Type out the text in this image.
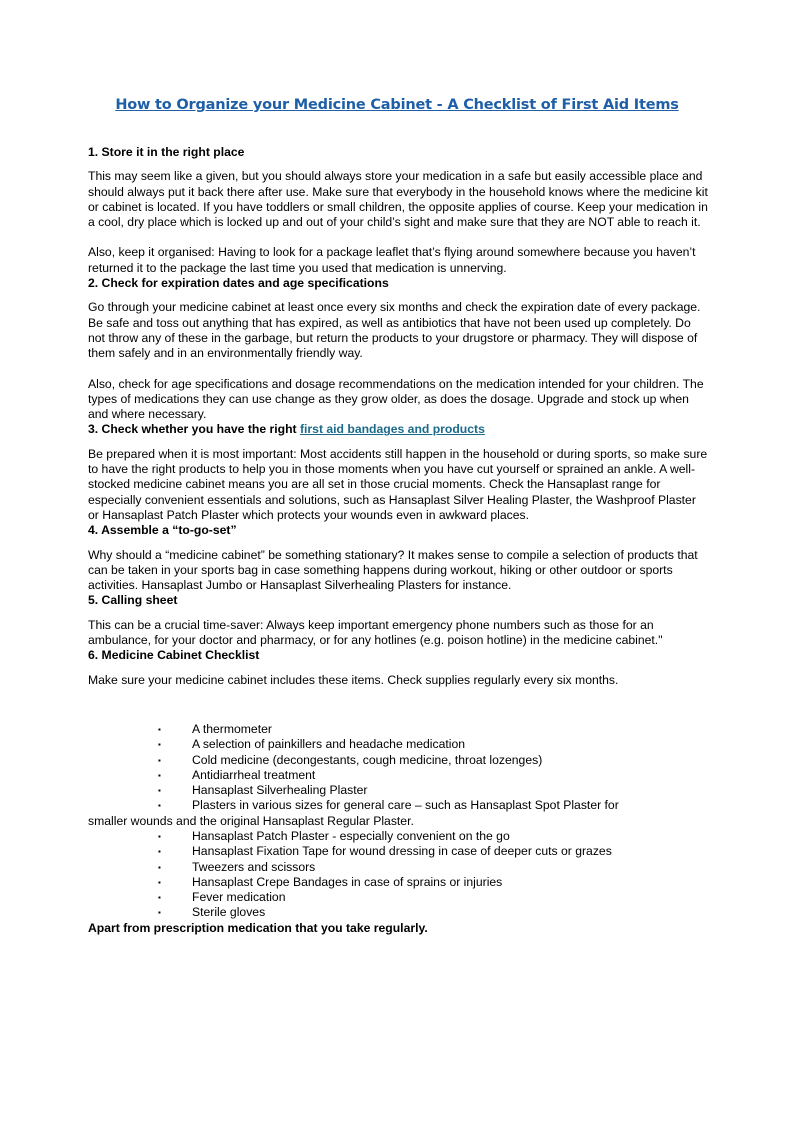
How to Organize your Medicine Cabinet - A Checklist of First Aid Items
1. Store it in the right place

This may seem like a given, but you should always store your medication in a safe but easily accessible place and should always put it back there after use. Make sure that everybody in the household knows where the medicine kit or cabinet is located. If you have toddlers or small children, the opposite applies of course. Keep your medication in a cool, dry place which is locked up and out of your child’s sight and make sure that they are NOT able to reach it.

Also, keep it organised: Having to look for a package leaflet that’s flying around somewhere because you haven’t returned it to the package the last time you used that medication is unnerving.

2. Check for expiration dates and age specifications

Go through your medicine cabinet at least once every six months and check the expiration date of every package. Be safe and toss out anything that has expired, as well as antibiotics that have not been used up completely. Do not throw any of these in the garbage, but return the products to your drugstore or pharmacy. They will dispose of them safely and in an environmentally friendly way.

Also, check for age specifications and dosage recommendations on the medication intended for your children. The types of medications they can use change as they grow older, as does the dosage. Upgrade and stock up when and where necessary.

3. Check whether you have the right first aid bandages and products

Be prepared when it is most important: Most accidents still happen in the household or during sports, so make sure to have the right products to help you in those moments when you have cut yourself or sprained an ankle. A well-stocked medicine cabinet means you are all set in those crucial moments. Check the Hansaplast range for especially convenient essentials and solutions, such as Hansaplast Silver Healing Plaster, the Washproof Plaster or Hansaplast Patch Plaster which protects your wounds even in awkward places.

4. Assemble a “to-go-set”

Why should a “medicine cabinet” be something stationary? It makes sense to compile a selection of products that can be taken in your sports bag in case something happens during workout, hiking or other outdoor or sports activities. Hansaplast Jumbo or Hansaplast Silverhealing Plasters for instance.

5. Calling sheet

This can be a crucial time-saver: Always keep important emergency phone numbers such as those for an ambulance, for your doctor and pharmacy, or for any hotlines (e.g. poison hotline) in the medicine cabinet."

6. Medicine Cabinet Checklist

Make sure your medicine cabinet includes these items. Check supplies regularly every six months.

▪	A thermometer
▪	A selection of painkillers and headache medication
▪	Cold medicine (decongestants, cough medicine, throat lozenges)
▪	Antidiarrheal treatment
▪	Hansaplast Silverhealing Plaster
▪	Plasters in various sizes for general care – such as Hansaplast Spot Plaster for
smaller wounds and the original Hansaplast Regular Plaster.
▪	Hansaplast Patch Plaster - especially convenient on the go
▪	Hansaplast Fixation Tape for wound dressing in case of deeper cuts or grazes
▪	Tweezers and scissors
▪	Hansaplast Crepe Bandages in case of sprains or injuries
▪	Fever medication
▪	Sterile gloves

Apart from prescription medication that you take regularly.
